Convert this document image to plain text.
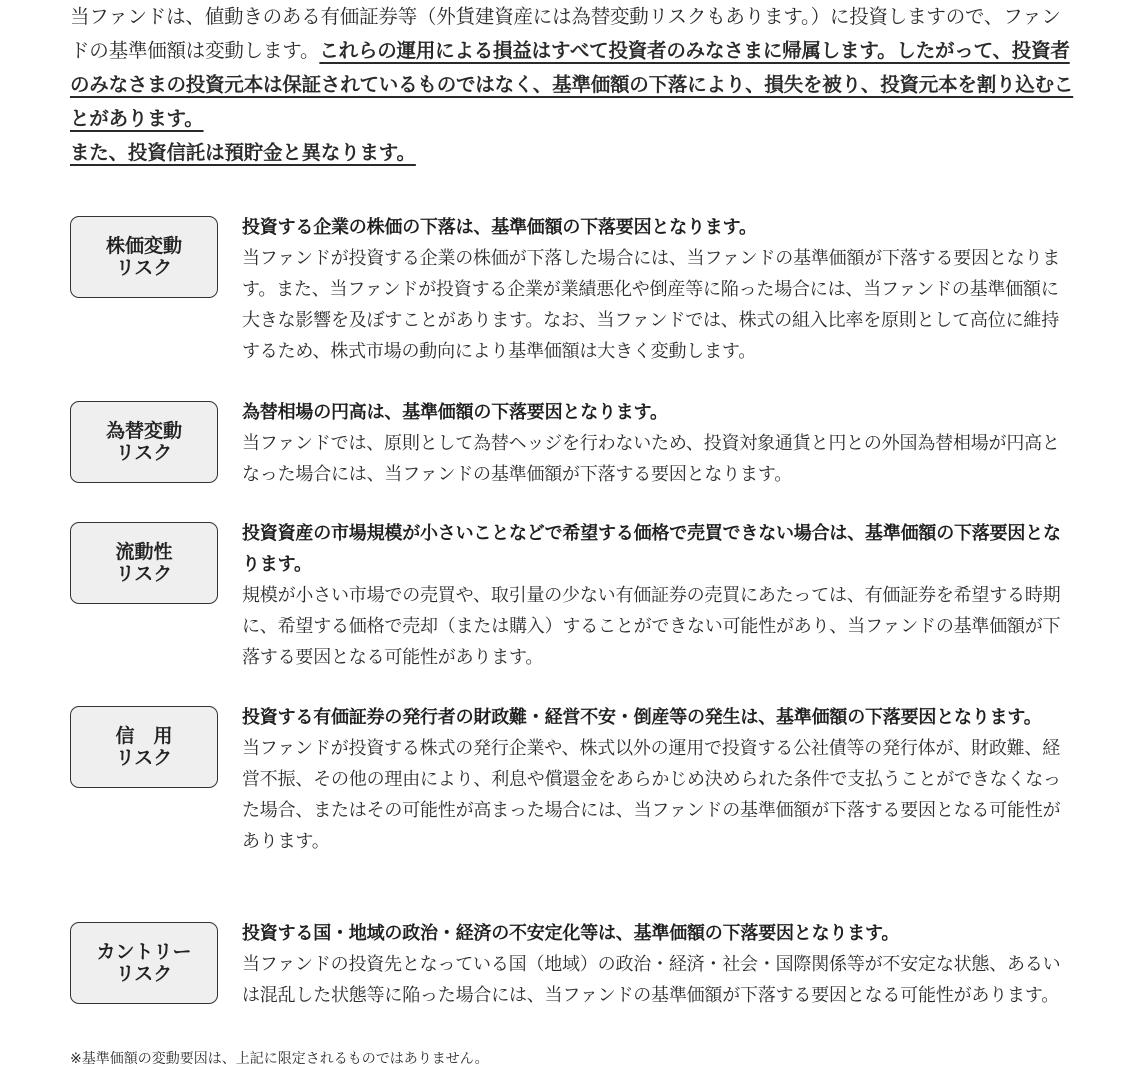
当ファンドは、値動きのある有価証券等（外貨建資産には為替変動リスクもあります。）に投資しますので、ファンドの基準価額は変動します。これらの運用による損益はすべて投資者のみなさまに帰属します。したがって、投資者のみなさまの投資元本は保証されているものではなく、基準価額の下落により、損失を被り、投資元本を割り込むことがあります。
また、投資信託は預貯金と異なります。
株価変動
リスク
投資する企業の株価の下落は、基準価額の下落要因となります。
当ファンドが投資する企業の株価が下落した場合には、当ファンドの基準価額が下落する要因となります。また、当ファンドが投資する企業が業績悪化や倒産等に陥った場合には、当ファンドの基準価額に大きな影響を及ぼすことがあります。なお、当ファンドでは、株式の組入比率を原則として高位に維持するため、株式市場の動向により基準価額は大きく変動します。
為替変動
リスク
為替相場の円高は、基準価額の下落要因となります。
当ファンドでは、原則として為替ヘッジを行わないため、投資対象通貨と円との外国為替相場が円高となった場合には、当ファンドの基準価額が下落する要因となります。
流動性
リスク
投資資産の市場規模が小さいことなどで希望する価格で売買できない場合は、基準価額の下落要因となります。
規模が小さい市場での売買や、取引量の少ない有価証券の売買にあたっては、有価証券を希望する時期に、希望する価格で売却（または購入）することができない可能性があり、当ファンドの基準価額が下落する要因となる可能性があります。
信　用
リスク
投資する有価証券の発行者の財政難・経営不安・倒産等の発生は、基準価額の下落要因となります。
当ファンドが投資する株式の発行企業や、株式以外の運用で投資する公社債等の発行体が、財政難、経営不振、その他の理由により、利息や償還金をあらかじめ決められた条件で支払うことができなくなった場合、またはその可能性が高まった場合には、当ファンドの基準価額が下落する要因となる可能性があります。
カントリー
リスク
投資する国・地域の政治・経済の不安定化等は、基準価額の下落要因となります。
当ファンドの投資先となっている国（地域）の政治・経済・社会・国際関係等が不安定な状態、あるいは混乱した状態等に陥った場合には、当ファンドの基準価額が下落する要因となる可能性があります。
※基準価額の変動要因は、上記に限定されるものではありません。
